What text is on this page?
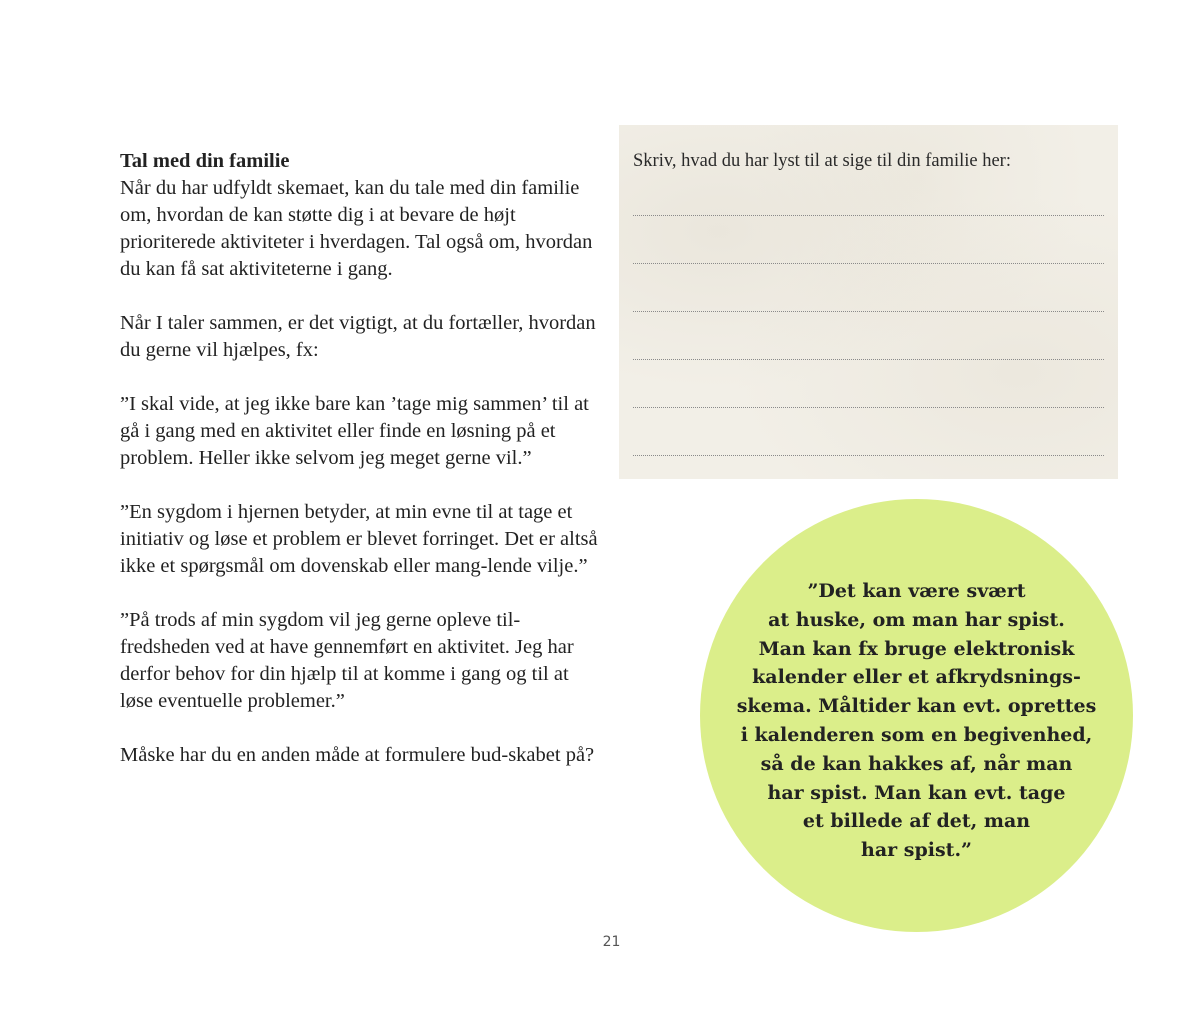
Tal med din familie

Når du har udfyldt skemaet, kan du tale med din familie om, hvordan de kan støtte dig i at bevare de højt prioriterede aktiviteter i hverdagen. Tal også om, hvordan du kan få sat aktiviteterne i gang.

Når I taler sammen, er det vigtigt, at du fortæller, hvordan du gerne vil hjælpes, fx:

”I skal vide, at jeg ikke bare kan ’tage mig sammen’ til at gå i gang med en aktivitet eller finde en løsning på et problem. Heller ikke selvom jeg meget gerne vil.”

”En sygdom i hjernen betyder, at min evne til at tage et initiativ og løse et problem er blevet forringet. Det er altså ikke et spørgsmål om dovenskab eller mang-lende vilje.”

”På trods af min sygdom vil jeg gerne opleve til-fredsheden ved at have gennemført en aktivitet. Jeg har derfor behov for din hjælp til at komme i gang og til at løse eventuelle problemer.”

Måske har du en anden måde at formulere bud-skabet på?

Skriv, hvad du har lyst til at sige til din familie her:
”Det kan være svært
at huske, om man har spist.
Man kan fx bruge elektronisk
kalender eller et afkrydsnings-
skema. Måltider kan evt. oprettes
i kalenderen som en begivenhed,
så de kan hakkes af, når man
har spist. Man kan evt. tage
et billede af det, man
har spist.”
21
